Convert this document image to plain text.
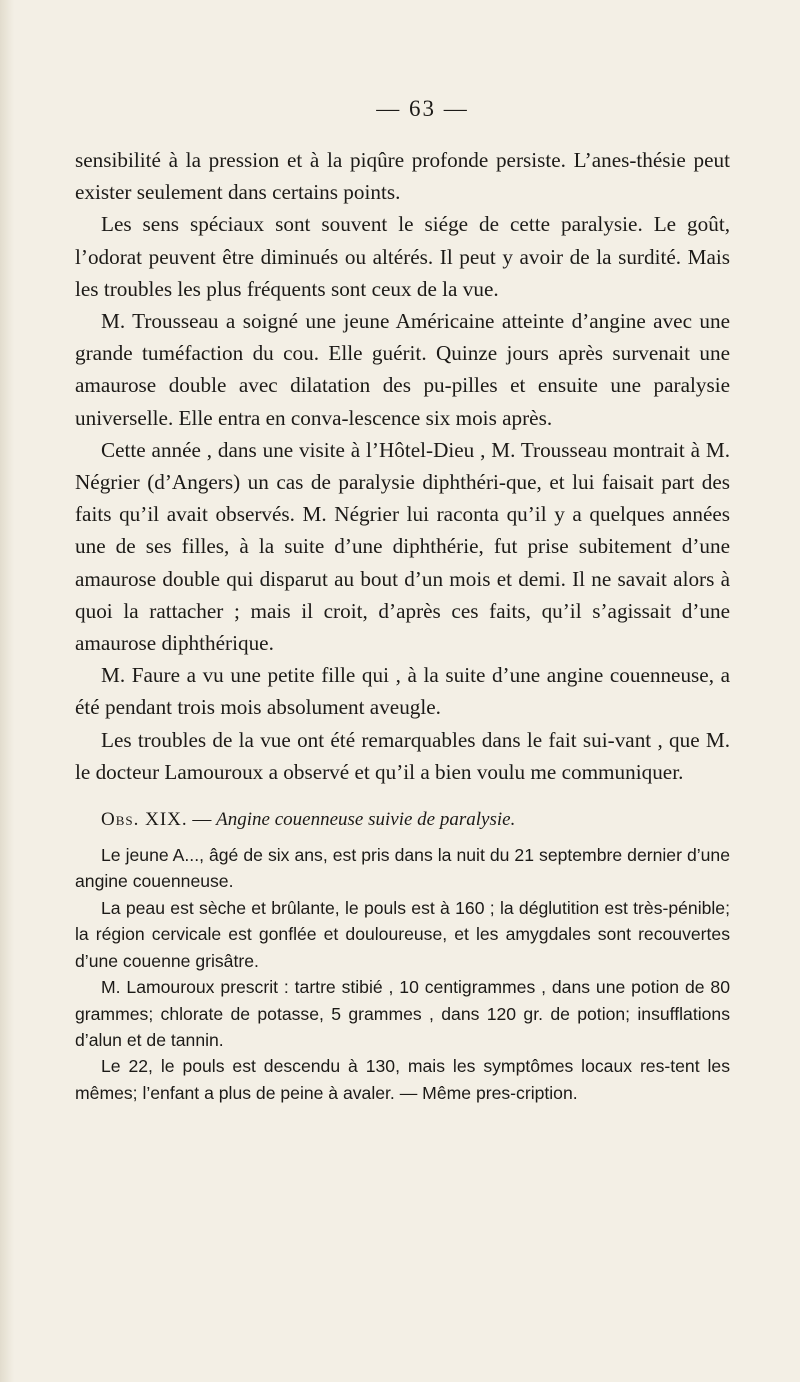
— 63 —

sensibilité à la pression et à la piqûre profonde persiste. L’anes-thésie peut exister seulement dans certains points.

Les sens spéciaux sont souvent le siége de cette paralysie. Le goût, l’odorat peuvent être diminués ou altérés. Il peut y avoir de la surdité. Mais les troubles les plus fréquents sont ceux de la vue.

M. Trousseau a soigné une jeune Américaine atteinte d’angine avec une grande tuméfaction du cou. Elle guérit. Quinze jours après survenait une amaurose double avec dilatation des pu-pilles et ensuite une paralysie universelle. Elle entra en conva-lescence six mois après.

Cette année , dans une visite à l’Hôtel-Dieu , M. Trousseau montrait à M. Négrier (d’Angers) un cas de paralysie diphthéri-que, et lui faisait part des faits qu’il avait observés. M. Négrier lui raconta qu’il y a quelques années une de ses filles, à la suite d’une diphthérie, fut prise subitement d’une amaurose double qui disparut au bout d’un mois et demi. Il ne savait alors à quoi la rattacher ; mais il croit, d’après ces faits, qu’il s’agissait d’une amaurose diphthérique.

M. Faure a vu une petite fille qui , à la suite d’une angine couenneuse, a été pendant trois mois absolument aveugle.

Les troubles de la vue ont été remarquables dans le fait sui-vant , que M. le docteur Lamouroux a observé et qu’il a bien voulu me communiquer.

Obs. XIX. — Angine couenneuse suivie de paralysie.

Le jeune A..., âgé de six ans, est pris dans la nuit du 21 septembre dernier d’une angine couenneuse.

La peau est sèche et brûlante, le pouls est à 160 ; la déglutition est très-pénible; la région cervicale est gonflée et douloureuse, et les amygdales sont recouvertes d’une couenne grisâtre.

M. Lamouroux prescrit : tartre stibié , 10 centigrammes , dans une potion de 80 grammes; chlorate de potasse, 5 grammes , dans 120 gr. de potion; insufflations d’alun et de tannin.

Le 22, le pouls est descendu à 130, mais les symptômes locaux res-tent les mêmes; l’enfant a plus de peine à avaler. — Même pres-cription.
